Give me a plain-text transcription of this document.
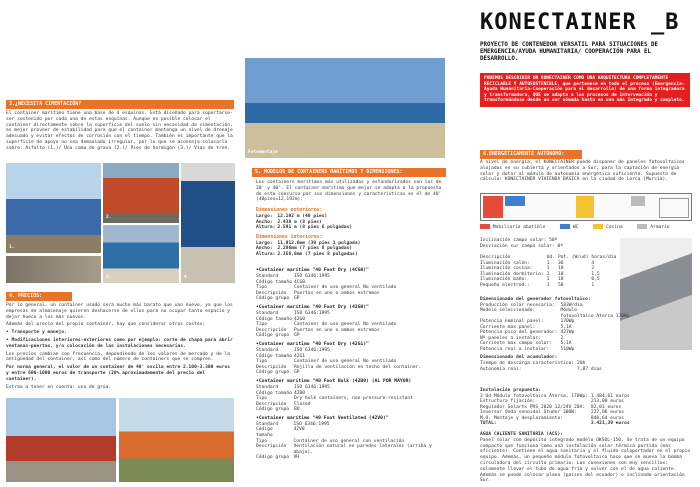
3.¿NECESITA CIMENTACIÓN?

El container marítimo tiene una base de 4 esquinas. Está diseñado para soportarse-ser sostenido por cada una de estas esquinas. Aunque es posible colocar el container directamente sobre la superficie del suelo sin necesidad de cimentación, es mejor proveer de estabilidad para que el container mantenga un nivel de drenaje adecuado y evitar efectos de corrosión con el tiempo. También es importante que la superficie de apoyo no sea demasiado irregular, por lo que se aconseja colocarlo sobre: Asfalto (1.)/ Una cama de grava (2.)/ Pies de hormigón (3.)/ Vías de tren.

1.
2.
3.	4.
4. PRECIOS:

Por lo general, un container usado será mucho más barato que uno nuevo, ya que los empresas de almacenaje quieren deshacerse de ellos para no ocupar tanto espacio y dejar hueco a los más nuevos.

Además del precio del propio container, hay que considerar otros costes:

• Transporte y manejo.

• Modificaciones interiores-exteriores como por ejemplo: corte de chapa para abrir ventanas-puertas, y/o colocación de las instalaciones necesarias.

Los precios cambian con frecuencia, dependiendo de los valores de mercado y de la antigüedad del container, así como del número de containers que se compren.

Por norma general, el valor de un container de 40' oscila entre 2.100-3.300 euros y entre 600-1000 euros de transporte (20% aproximadamente del precio del container).

Estraa a tener en cuenta: uso de grúa.

Fotomontaje
5. MODELOS DE CONTAINERS MARÍTIMOS Y DIMENSIONES:
Los containers marítimos más utilizados y estandarizados son los de 20' y 40'. El container marítimo que mejor se adapta a la propuesta de este concurso por sus dimensiones y características es el de 40' (40pies=12,192m):
Dimensiones exteriores:
Largo:	12.192 m (40 pies)
Ancho:	2.438 m (8 pies)
Altura:	2.591 m (8 pies 6 pulgadas)
Dimensiones interiores:
Largo:	11.912,6mm (39 pies 1 pulgada)
Ancho:	2.286mm (7 pies 6 pulgadas)
Altura:	2.356,8mm (7 pies 8 pulgadas)
•Container marítimo "40 Foot Dry (4CG0)"
Standard	ISO 6346:1995
Código tamaño	4CG0
Tipo	Container de uso general No ventilado
Descripción	Puertas en uno o ambos extremos
Código grupo	GP
•Container marítimo "40 Foot Dry (42G0)"
Standard	ISO 6346:1995
Código tamaño	42G0
Tipo	Container de uso general No ventilado
Descripción	Puertas en uno o ambos extremos
Código grupo	GP
•Container marítimo "40 Foot Dry (42G1)"
Standard	ISO 6346:1995
Código tamaño	42G1
Tipo	Container de uso general No ventilado
Descripción	Rejilla de ventilación en techo del container.
Código grupo	GP
•Container marítimo "40 Foot Bulk (42B0) (AL POR MAYOR)
Standard	ISO 6346:1995
Código tamaño	42B0
Tipo	Dry bulk containers, non-pressure-resistant
Descripción	Closed
Código grupo	BU
•Container marítimo "40 Foot Ventilated (42V0)"
Standard	ISO 6346:1995
Código tamaño	42V0
Tipo	Container de uso general con ventilación
Descripción	Ventilación natural en paredes laterales (arriba y abajo).
Código grupo	VH
KONECTAINER _B
PROYECTO DE CONTENEDOR VERSATIL PARA SITUACIONES DE EMERGENCIA/AYUDA HUMANITARIA/ COOPERACIÓN PARA EL DESARROLLO.
PODEMOS DESCRIBIR UN KONECTAINER COMO UNA ARQUITECTURA COMPLETAMENTE RECICLABLE Y AUTOSOSTENIBLE, que pertenece en todo el proceso (Emergencia-Ayuda Humanitaria-Cooperación para el desarrollo) de una forma integradora y transformadora, QUE se adapta a los procesos de intervención y transformándose desde un ser nómada hasta en uno más integrado y completo.
6.ENERGÉTICAMENTE AUTÓNOMO:
A nivel de energía, el KONECTAINER puede disponer de paneles fotovoltaicos alojados en su cubierta y orientados a Sur, para la captación de energía solar y dotar al módulo de autonomía energética suficiente. Supuesto de cálculo: KONECTAINER VIVIENDA BÁSICA en la ciudad de Lorca (Murcia).
Mobiliario abatible	WC	Cocina	Armario
Inclinación campo solar: 50º
Desviación sur campo solar: 0º
Descripción	Ud.	Pot. (W/ud)	horas/día
Iluminación salón:	1	36	4
Iluminación cocina:	1	18	2
Iluminación dormitorio:	1	18	1,5
Iluminación baño:	1	18	0,5
Pequeño electrod.:	1	50	1
Dimensionado del generador fotovoltaico:
Producción solar necesaria:	583W/día
Modelo seleccionado:	Módulo
	fotovoltaico Atersa 170Wp
Potencia nominal panel:	170Wp
Corriente max panel:	5,1A
Potencia pico del generador:	427Wp
Nº paneles a instalar:	2
Corriente max campo solar:	5,1A
Potencia real a instalar:	510Wp
Dimensionado del acumulador:
Tiempo de descarga característico:	20h
Autonomía real:	7,87 días
Instalación propuesta:
3 Ud Módulo fotovoltaico Atersa, 170Wp:	1.484,61 euros
Estructura fijación:	213,00 euros
Regulador Solartx PRS 2020 12/24V 20A:	82,01 euros
Inversor Onda senoidal Studer 300W:	227,06 euros
M.O. Montaje y desplazamiento:	840,64 euros
TOTAL:	3.421,39 euros
AGUA CALIENTE SANITARIA (ACS):
Panel solar con depósito integrado modelo OKSOL-150. Se trata de un equipo compacto que funciona como una instalación solar térmica partida (más eficiente). Contiene el agua sanitaria y el fluido caloportador en el propio equipo. Además, un pequeño módulo fotovoltaico hace que se mueva la bomba circuladora del circuito primario. Las conexiones son muy sencillas: solamente llevar el tubo de agua fría y volver con el de agua caliente. Además se puede colocar plano (países del ecuador) o inclinado orientación Sur.
